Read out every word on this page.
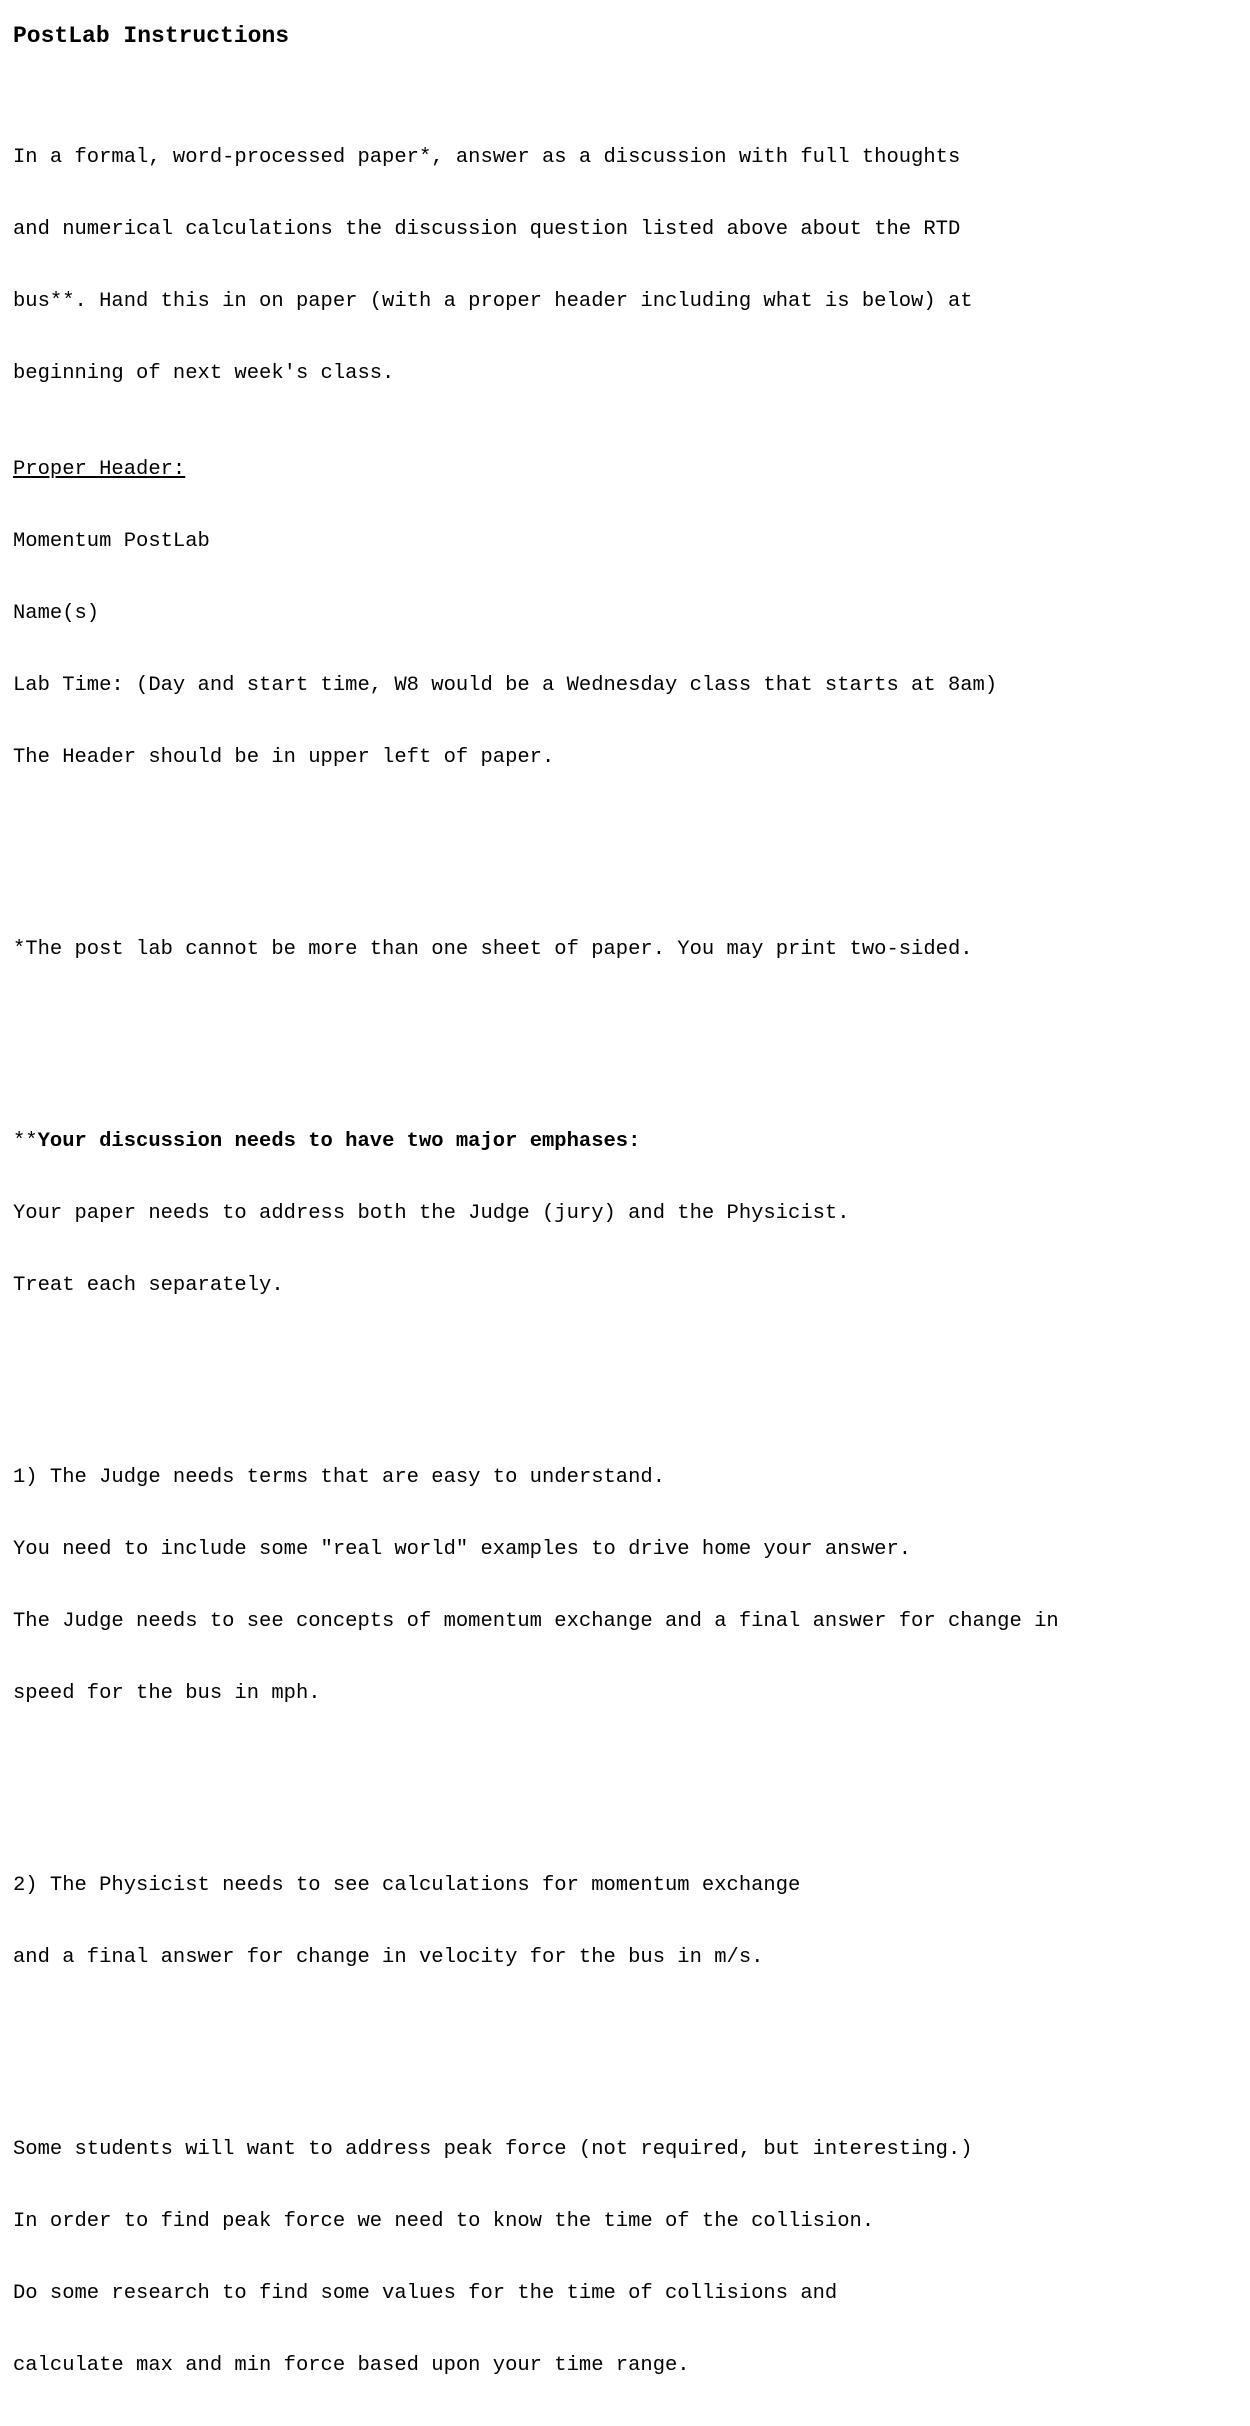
PostLab Instructions

In a formal, word-processed paper*, answer as a discussion with full thoughts

and numerical calculations the discussion question listed above about the RTD

bus**. Hand this in on paper (with a proper header including what is below) at

beginning of next week's class.

Proper Header:

Momentum PostLab

Name(s)

Lab Time: (Day and start time, W8 would be a Wednesday class that starts at 8am)

The Header should be in upper left of paper.

*The post lab cannot be more than one sheet of paper. You may print two-sided.

**Your discussion needs to have two major emphases:

Your paper needs to address both the Judge (jury) and the Physicist.

Treat each separately.

1) The Judge needs terms that are easy to understand.

You need to include some "real world" examples to drive home your answer.

The Judge needs to see concepts of momentum exchange and a final answer for change in

speed for the bus in mph.

2) The Physicist needs to see calculations for momentum exchange

and a final answer for change in velocity for the bus in m/s.

Some students will want to address peak force (not required, but interesting.)

In order to find peak force we need to know the time of the collision.

Do some research to find some values for the time of collisions and

calculate max and min force based upon your time range.
